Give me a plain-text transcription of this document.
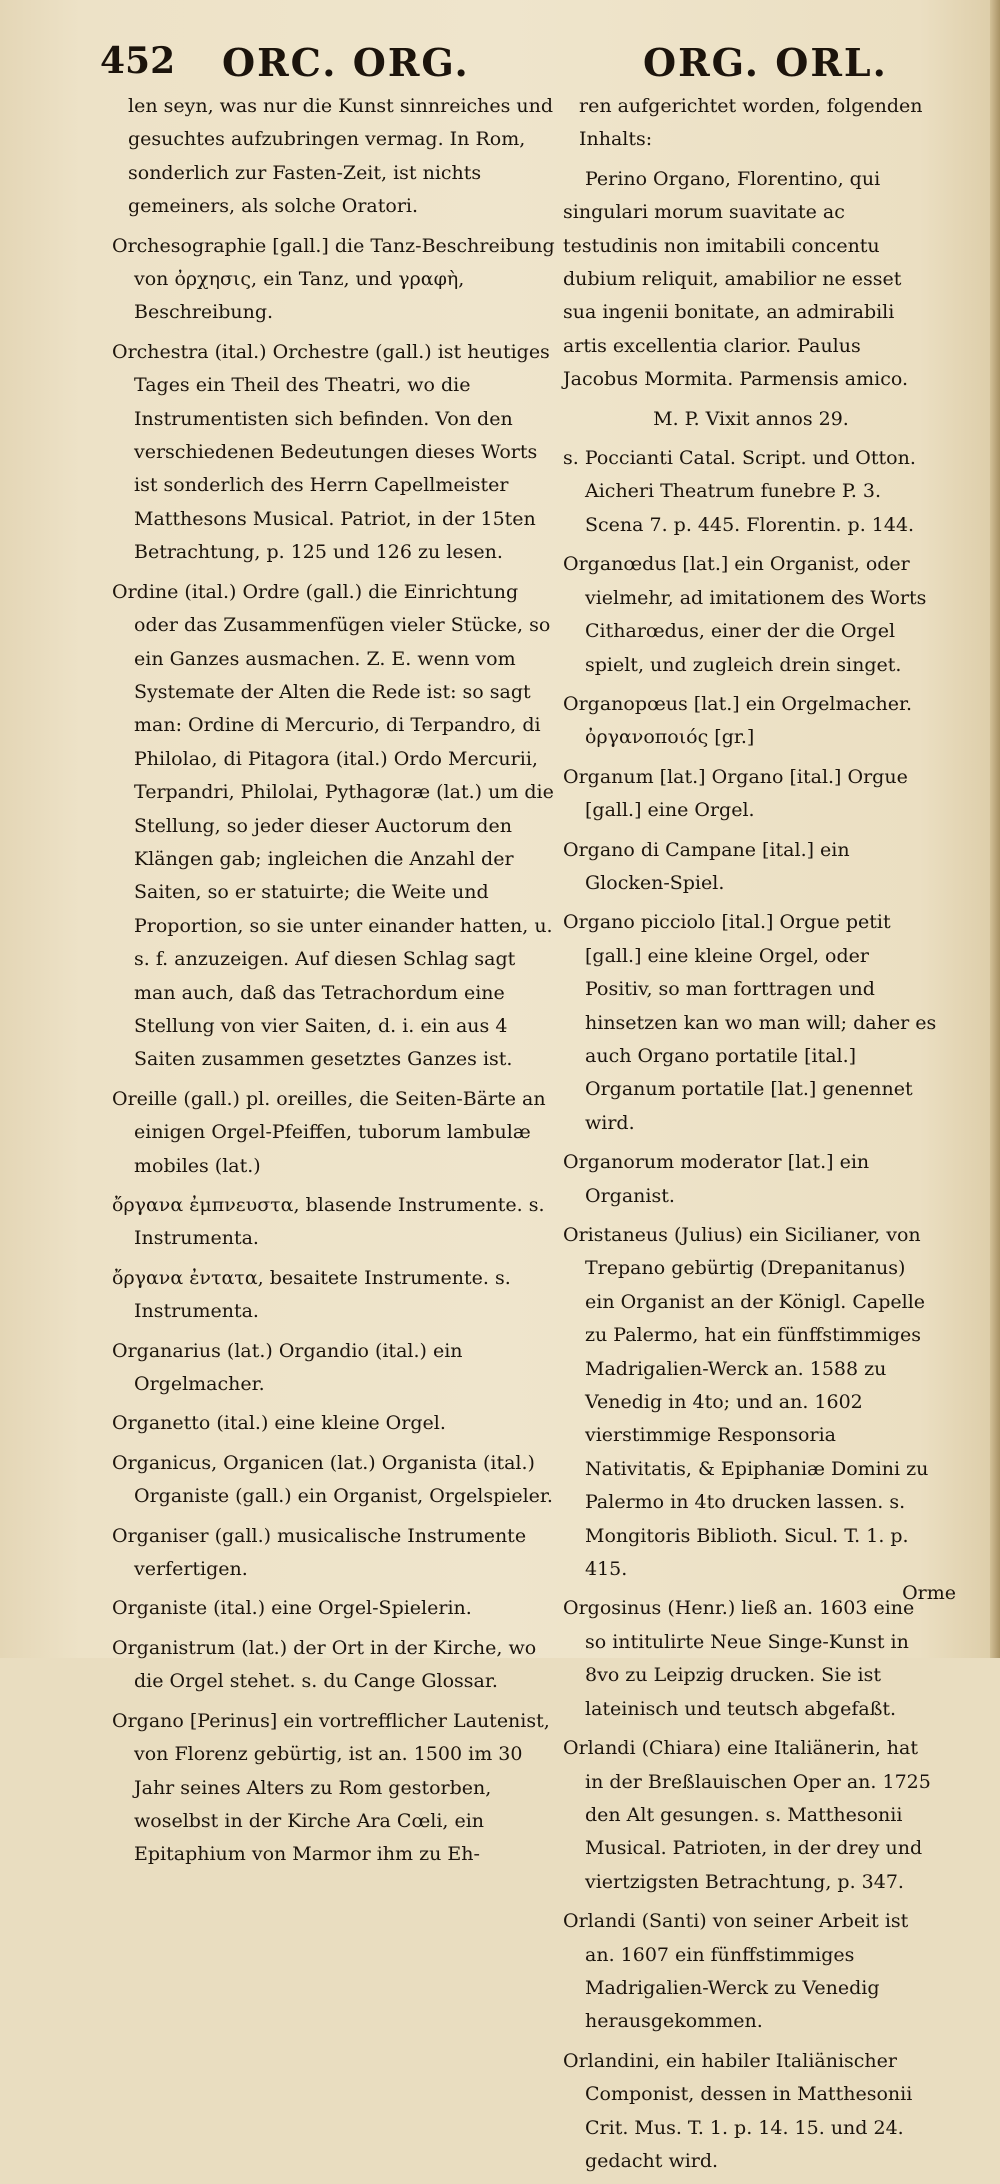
452 ORC. ORG.	ORG. ORL.
len seyn, was nur die Kunst sinnreiches und gesuchtes aufzubringen vermag. In Rom, sonderlich zur Fasten-Zeit, ist nichts gemeiners, als solche Oratori.
Orchesographie [gall.] die Tanz-Beschreibung von ὀρχησις, ein Tanz, und γραφὴ, Beschreibung.
Orchestra (ital.) Orchestre (gall.) ist heutiges Tages ein Theil des Theatri, wo die Instrumentisten sich befinden. Von den verschiedenen Bedeutungen dieses Worts ist sonderlich des Herrn Capellmeister Matthesons Musical. Patriot, in der 15ten Betrachtung, p. 125 und 126 zu lesen.
Ordine (ital.) Ordre (gall.) die Einrichtung oder das Zusammenfügen vieler Stücke, so ein Ganzes ausmachen. Z. E. wenn vom Systemate der Alten die Rede ist: so sagt man: Ordine di Mercurio, di Terpandro, di Philolao, di Pitagora (ital.) Ordo Mercurii, Terpandri, Philolai, Pythagoræ (lat.) um die Stellung, so jeder dieser Auctorum den Klängen gab; ingleichen die Anzahl der Saiten, so er statuirte; die Weite und Proportion, so sie unter einander hatten, u. s. f. anzuzeigen. Auf diesen Schlag sagt man auch, daß das Tetrachordum eine Stellung von vier Saiten, d. i. ein aus 4 Saiten zusammen gesetztes Ganzes ist.
Oreille (gall.) pl. oreilles, die Seiten-Bärte an einigen Orgel-Pfeiffen, tuborum lambulæ mobiles (lat.)
ὄργανα ἐμπνευστα, blasende Instrumente. s. Instrumenta.
ὄργανα ἐντατα, besaitete Instrumente. s. Instrumenta.
Organarius (lat.) Organdio (ital.) ein Orgelmacher.
Organetto (ital.) eine kleine Orgel.
Organicus, Organicen (lat.) Organista (ital.) Organiste (gall.) ein Organist, Orgelspieler.
Organiser (gall.) musicalische Instrumente verfertigen.
Organiste (ital.) eine Orgel-Spielerin.
Organistrum (lat.) der Ort in der Kirche, wo die Orgel stehet. s. du Cange Glossar.
Organo [Perinus] ein vortrefflicher Lautenist, von Florenz gebürtig, ist an. 1500 im 30 Jahr seines Alters zu Rom gestorben, woselbst in der Kirche Ara Cœli, ein Epitaphium von Marmor ihm zu Eh-
ren aufgerichtet worden, folgenden Inhalts:
Perino Organo, Florentino, qui singulari morum suavitate ac testudinis non imitabili concentu dubium reliquit, amabilior ne esset sua ingenii bonitate, an admirabili artis excellentia clarior. Paulus Jacobus Mormita. Parmensis amico.
M. P. Vixit annos 29.
s. Poccianti Catal. Script. und Otton. Aicheri Theatrum funebre P. 3. Scena 7. p. 445. Florentin. p. 144.
Organœdus [lat.] ein Organist, oder vielmehr, ad imitationem des Worts Citharœdus, einer der die Orgel spielt, und zugleich drein singet.
Organopœus [lat.] ein Orgelmacher. ὀργανοποιός [gr.]
Organum [lat.] Organo [ital.] Orgue [gall.] eine Orgel.
Organo di Campane [ital.] ein Glocken-Spiel.
Organo picciolo [ital.] Orgue petit [gall.] eine kleine Orgel, oder Positiv, so man forttragen und hinsetzen kan wo man will; daher es auch Organo portatile [ital.] Organum portatile [lat.] genennet wird.
Organorum moderator [lat.] ein Organist.
Oristaneus (Julius) ein Sicilianer, von Trepano gebürtig (Drepanitanus) ein Organist an der Königl. Capelle zu Palermo, hat ein fünffstimmiges Madrigalien-Werck an. 1588 zu Venedig in 4to; und an. 1602 vierstimmige Responsoria Nativitatis, & Epiphaniæ Domini zu Palermo in 4to drucken lassen. s. Mongitoris Biblioth. Sicul. T. 1. p. 415.
Orgosinus (Henr.) ließ an. 1603 eine so intitulirte Neue Singe-Kunst in 8vo zu Leipzig drucken. Sie ist lateinisch und teutsch abgefaßt.
Orlandi (Chiara) eine Italiänerin, hat in der Breßlauischen Oper an. 1725 den Alt gesungen. s. Matthesonii Musical. Patrioten, in der drey und viertzigsten Betrachtung, p. 347.
Orlandi (Santi) von seiner Arbeit ist an. 1607 ein fünffstimmiges Madrigalien-Werck zu Venedig herausgekommen.
Orlandini, ein habiler Italiänischer Componist, dessen in Matthesonii Crit. Mus. T. 1. p. 14. 15. und 24. gedacht wird.
Orme
